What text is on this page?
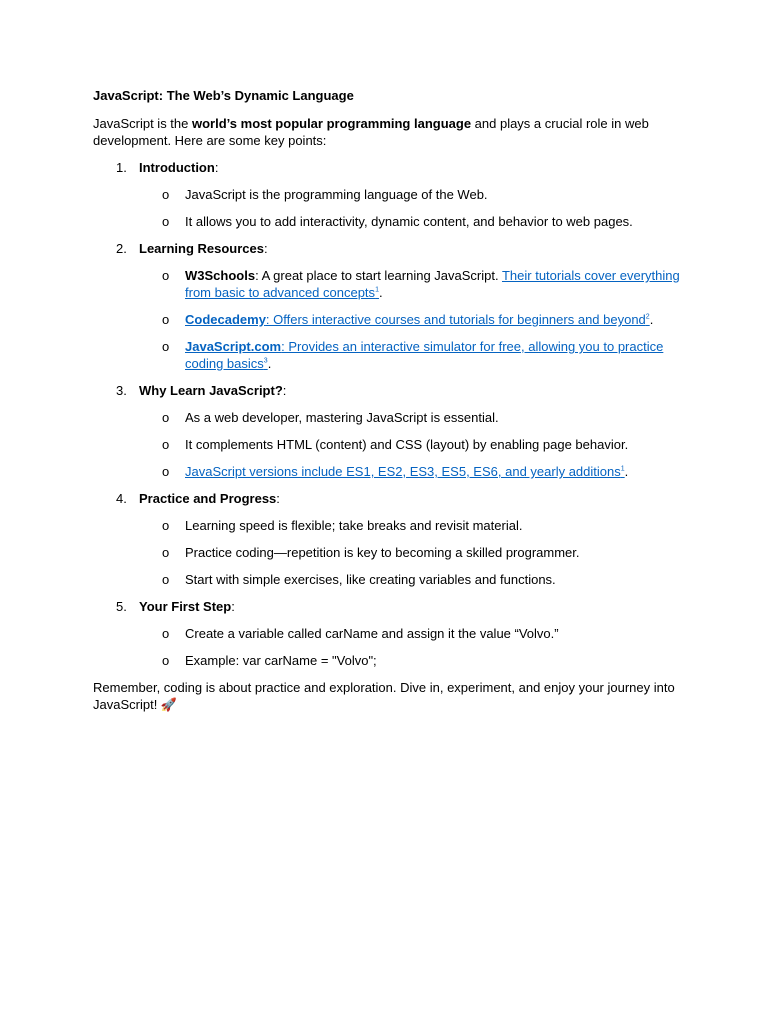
JavaScript: The Web’s Dynamic Language

JavaScript is the world’s most popular programming language and plays a crucial role in web development. Here are some key points:

1. Introduction:
o JavaScript is the programming language of the Web.
o It allows you to add interactivity, dynamic content, and behavior to web pages.
2. Learning Resources:
o W3Schools: A great place to start learning JavaScript. Their tutorials cover everything from basic to advanced concepts$^1$.
o Codecademy: Offers interactive courses and tutorials for beginners and beyond$^2$.
o JavaScript.com: Provides an interactive simulator for free, allowing you to practice coding basics$^3$.
3. Why Learn JavaScript?:
o As a web developer, mastering JavaScript is essential.
o It complements HTML (content) and CSS (layout) by enabling page behavior.
o JavaScript versions include ES1, ES2, ES3, ES5, ES6, and yearly additions$^1$.
4. Practice and Progress:
o Learning speed is flexible; take breaks and revisit material.
o Practice coding—repetition is key to becoming a skilled programmer.
o Start with simple exercises, like creating variables and functions.
5. Your First Step:
o Create a variable called carName and assign it the value “Volvo.”
o Example: var carName = "Volvo";

Remember, coding is about practice and exploration. Dive in, experiment, and enjoy your journey into JavaScript! 🚀
